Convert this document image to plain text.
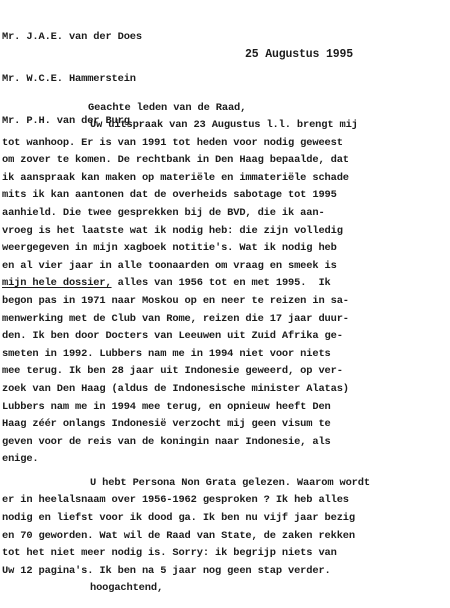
Mr. J.A.E. van der Does

Mr. W.C.E. Hammerstein

Mr. P.H. van der Burg

25 Augustus 1995
Geachte leden van de Raad,
Uw uitspraak van 23 Augustus l.l. brengt mij
tot wanhoop. Er is van 1991 tot heden voor nodig geweest
om zover te komen. De rechtbank in Den Haag bepaalde, dat
ik aanspraak kan maken op materiële en immateriële schade
mits ik kan aantonen dat de overheids sabotage tot 1995
aanhield. Die twee gesprekken bij de BVD, die ik aan-
vroeg is het laatste wat ik nodig heb: die zijn volledig
weergegeven in mijn xagboek notitie's. Wat ik nodig heb
en al vier jaar in alle toonaarden om vraag en smeek is
mijn hele dossier, alles van 1956 tot en met 1995.  Ik
begon pas in 1971 naar Moskou op en neer te reizen in sa-
menwerking met de Club van Rome, reizen die 17 jaar duur-
den. Ik ben door Docters van Leeuwen uit Zuid Afrika ge-
smeten in 1992. Lubbers nam me in 1994 niet voor niets
mee terug. Ik ben 28 jaar uit Indonesie geweerd, op ver-
zoek van Den Haag (aldus de Indonesische minister Alatas)
Lubbers nam me in 1994 mee terug, en opnieuw heeft Den
Haag zéér onlangs Indonesië verzocht mij geen visum te
geven voor de reis van de koningin naar Indonesie, als
enige.
U hebt Persona Non Grata gelezen. Waarom wordt
er in heelalsnaam over 1956-1962 gesproken ? Ik heb alles
nodig en liefst voor ik dood ga. Ik ben nu vijf jaar bezig
en 70 geworden. Wat wil de Raad van State, de zaken rekken
tot het niet meer nodig is. Sorry: ik begrijp niets van
Uw 12 pagina's. Ik ben na 5 jaar nog geen stap verder.
hoogachtend,
